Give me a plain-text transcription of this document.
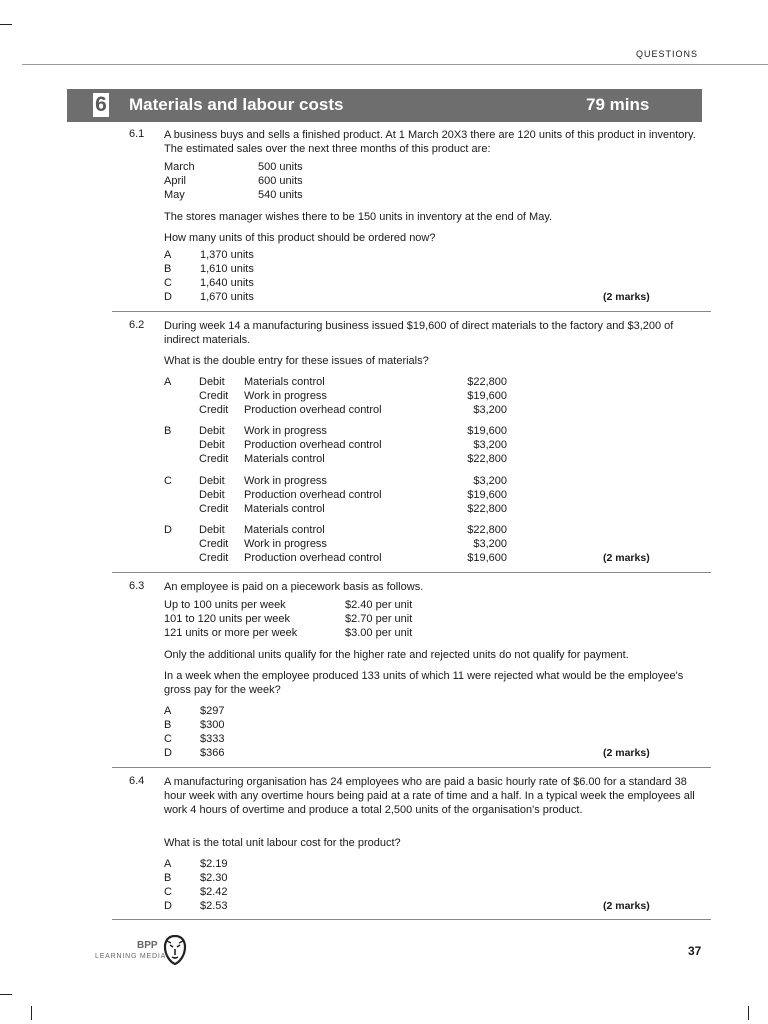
QUESTIONS
6 Materials and labour costs	79 mins
6.1 A business buys and sells a finished product. At 1 March 20X3 there are 120 units of this product in inventory. The estimated sales over the next three months of this product are:
March	500 units
April	600 units
May	540 units
The stores manager wishes there to be 150 units in inventory at the end of May.
How many units of this product should be ordered now?
A	1,370 units
B	1,610 units
C	1,640 units
D	1,670 units	(2 marks)
6.2 During week 14 a manufacturing business issued $19,600 of direct materials to the factory and $3,200 of indirect materials.
What is the double entry for these issues of materials?
A	Debit Materials control	$22,800
Credit Work in progress	$19,600
Credit Production overhead control	$3,200
B	Debit Work in progress	$19,600
Debit Production overhead control	$3,200
Credit Materials control	$22,800
C Debit Work in progress	$3,200
Debit Production overhead control	$19,600
Credit Materials control	$22,800
D Debit Materials control	$22,800
Credit Work in progress	$3,200
Credit Production overhead control	$19,600	(2 marks)
6.3 An employee is paid on a piecework basis as follows.
Up to 100 units per week	$2.40 per unit
101 to 120 units per week	$2.70 per unit
121 units or more per week	$3.00 per unit
Only the additional units qualify for the higher rate and rejected units do not qualify for payment.
In a week when the employee produced 133 units of which 11 were rejected what would be the employee's gross pay for the week?
A	$297
B	$300
C	$333
D	$366	(2 marks)
6.4 A manufacturing organisation has 24 employees who are paid a basic hourly rate of $6.00 for a standard 38 hour week with any overtime hours being paid at a rate of time and a half. In a typical week the employees all work 4 hours of overtime and produce a total 2,500 units of the organisation's product.
What is the total unit labour cost for the product?
A	$2.19
B	$2.30
C	$2.42
D	$2.53	(2 marks)
BPP
LEARNING MEDIA	37
